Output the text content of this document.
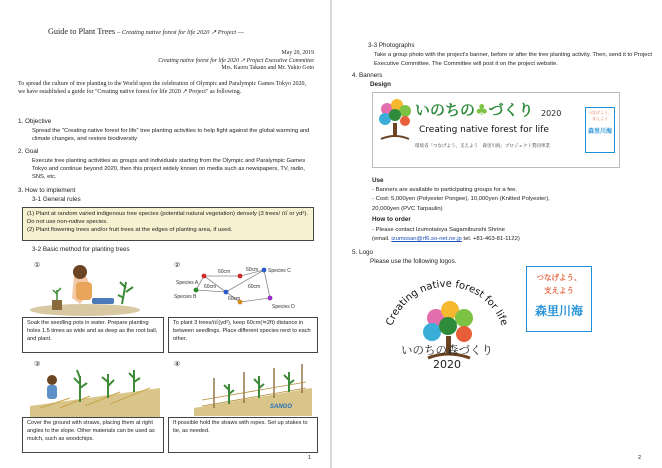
Guide to Plant Trees – Creating native forest for life 2020 ↗ Project ―
May 20, 2019
Creating native forest for life 2020 ↗ Project Executive Committee
Mrs. Kaoru Takano and Mr. Yukio Goto

To spread the culture of tree planting to the World upon the celebration of Olympic and Paralympic Games Tokyo 2020, we have established a guide for "Creating native forest for life 2020 ↗ Project" as following.

1. Objective

Spread the "Creating native forest for life" tree planting activities to help fight against the global warming and climate changes, and restore biodiversity

2. Goal

Execute tree planting activities as groups and individuals starting from the Olympic and Paralympic Games Tokyo and continue beyond 2020, then this project widely known on media such as newspapers, TV, radio, SNS, etc.

3. How to implement
3-1 General rules

(1) Plant at random varied indigenous tree species (potential natural vegetation) densely (3 trees/ ㎡ or yd²). Do not use non-native species.

(2) Plant flowering trees and/or fruit trees at the edges of planting area, if used.

3-2 Basic method for planting trees
①
Soak the seedling pots in water. Prepare planting holes 1.5 times as wide and as deep as the root ball, and plant.
②
60cm	60cm
60cm	60cm
60cm
Species A
Species B
Species C
Species D
To plant 3 trees/㎡(yd²), keep 60cm(≒2ft) distance in between seedlings. Place different species next to each other.
③
Cover the ground with straws, placing them at right angles to the slope. Other materials can be used as mulch, such as woodchips.
④
SANGO
If possible hold the straws with ropes. Set up stakes to tie, as needed.
1
3-3 Photographs

Take a group photo with the project's banner, before or after the tree planting activity. Then, send it to Project Executive Committee. The Committee will post it on the project website.

4. Banners
Design
いのちの♣づくり 2020
Creating native forest for life
環境省「つなげよう、支えよう　森里川海」プロジェクト賛同事業
つなげよう、
支えよう
森里川海
Use
- Banners are available to participating groups for a fee.
- Cost: 5,000yen (Polyester Pongee), 10,000yen (Knitted Polyester),
20,000yen (PVC Tarpaulin)
How to order
- Please contact Izumotaisya Sagamibunshi Shrine
(email. izumosan@rf6.so-net.ne.jp tel. +81-463-81-1122)
5. Logo
Please use the following logos.
Creating native forest for life
いのちの森づくり
2020
つなげよう、
支えよう
森里川海
2
